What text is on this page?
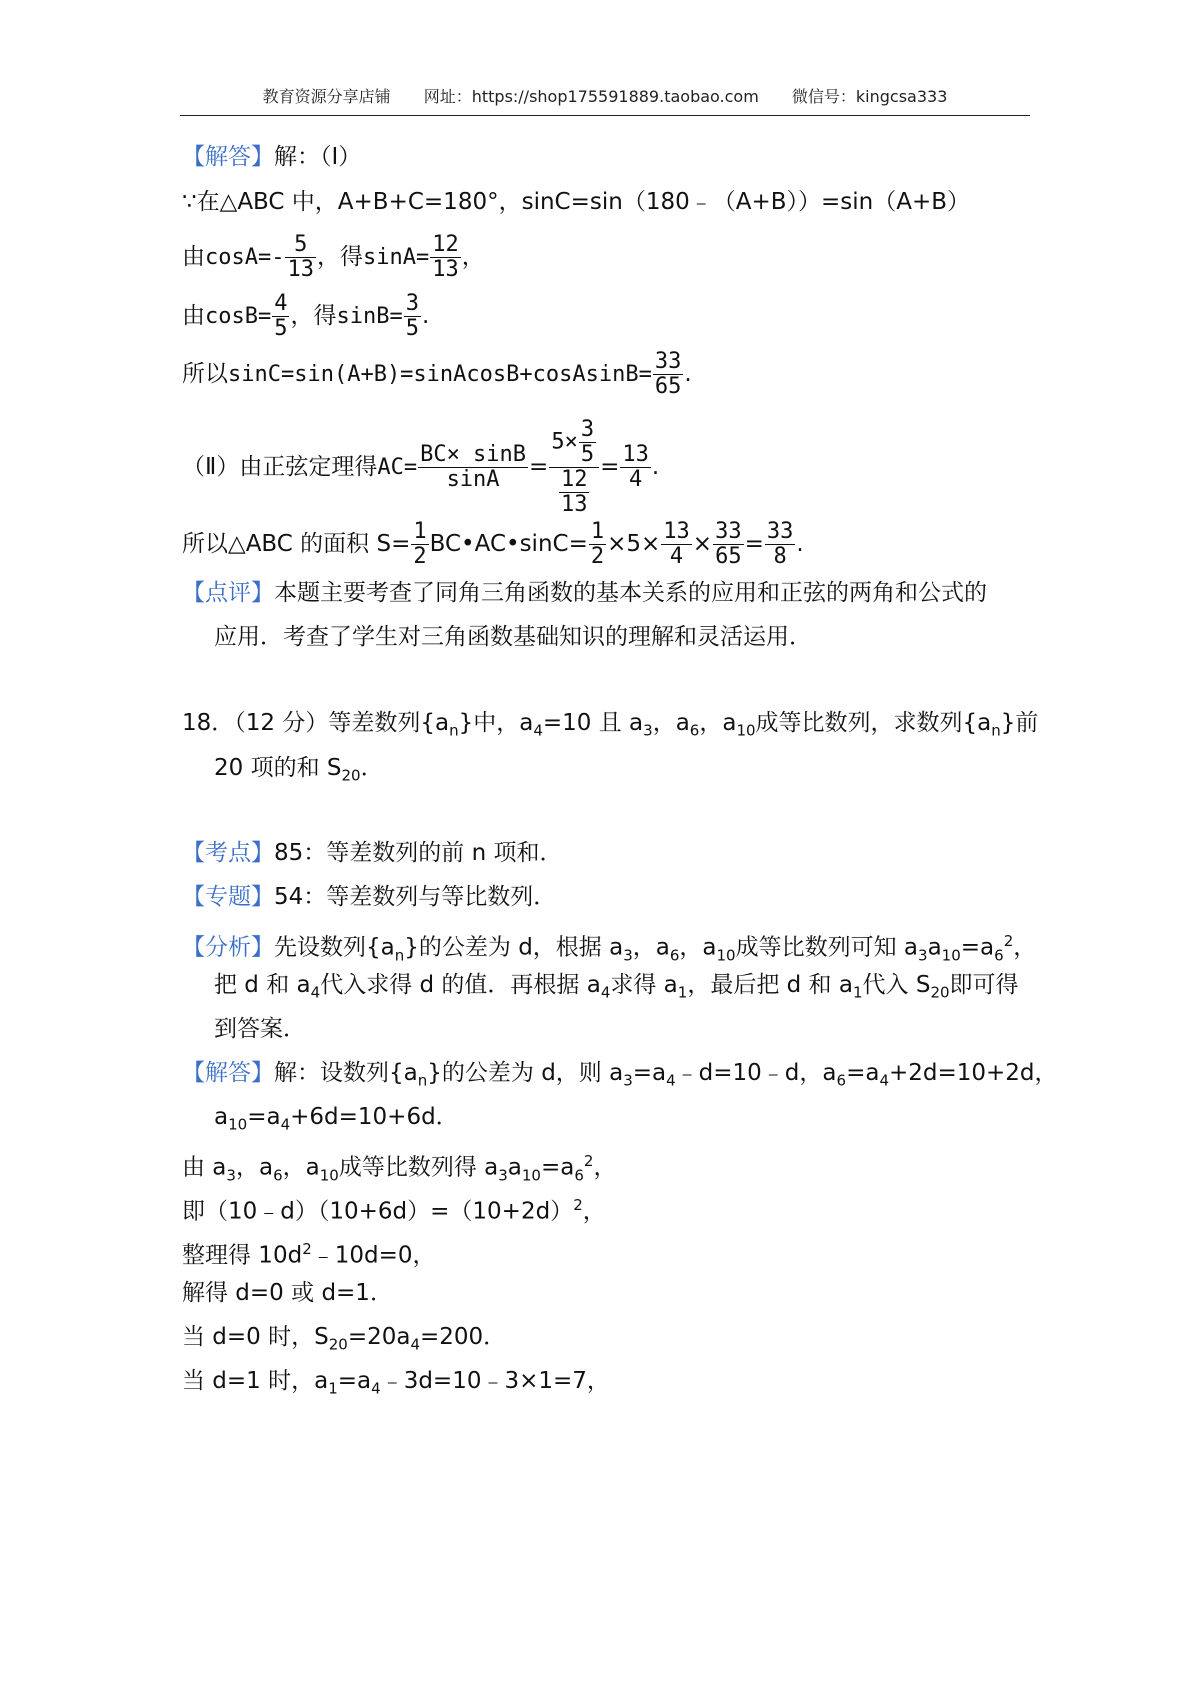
教育资源分享店铺 网址：https://shop175591889.taobao.com 微信号：kingcsa333
【解答】解：（Ⅰ）
∵在△ABC 中，A+B+C=180°，sinC=sin（180﹣（A+B））=sin（A+B）
由$\cos A=- \frac{5}{13}$ ，得$\sin A= \frac{12}{13}$ ，
由$\cos B= \frac{4}{5}$ ，得$\sin B= \frac{3}{5}$ .
所以sinC=sin(A+B)=sinAcosB+cosAsinB= $\frac{33}{65}$ .
（Ⅱ）由正弦定理得$AC= \frac{BC\times \sin B}{\sin A} = \frac{5\times \frac{3}{5}}{\frac{12}{13}} = \frac{13}{4}$ .
所以△ABC 的面积 $S= \frac{1}{2}$ BC•AC•sinC= $\frac{1}{2} \times 5\times \frac{13}{4} \times \frac{33}{65} = \frac{33}{8}$ .
【点评】本题主要考查了同角三角函数的基本关系的应用和正弦的两角和公式的
应用．考查了学生对三角函数基础知识的理解和灵活运用．
18．（12 分）等差数列$\{a_n\}$中，$a_4=10$ 且 $a_3$，$a_6$，$a_{10}$成等比数列，求数列$\{a_n\}$前
20 项的和 $S_{20}$．
【考点】85：等差数列的前 n 项和．
【专题】54：等差数列与等比数列．
【分析】先设数列$\{a_n\}$的公差为 d，根据 $a_3$，$a_6$，$a_{10}$成等比数列可知 $a_3a_{10}=a_6^2$，
把 d 和 $a_4$代入求得 d 的值．再根据 $a_4$求得 $a_1$，最后把 d 和 $a_1$代入 $S_{20}$即可得
到答案．
【解答】解：设数列$\{a_n\}$的公差为 d，则 $a_3=a_4﹣d=10﹣d$，$a_6=a_4+2d=10+2d$，
$a_{10}=a_4+6d=10+6d$．
由 $a_3$，$a_6$，$a_{10}$成等比数列得 $a_3a_{10}=a_6^2$，
即$(10﹣d)(10+6d)=(10+2d)^2$，
整理得 $10d^2﹣10d=0$，
解得 d=0 或 d=1．
当 d=0 时，$S_{20}=20a_4=200$．
当 d=1 时，$a_1=a_4﹣3d=10﹣3\times 1=7$，
